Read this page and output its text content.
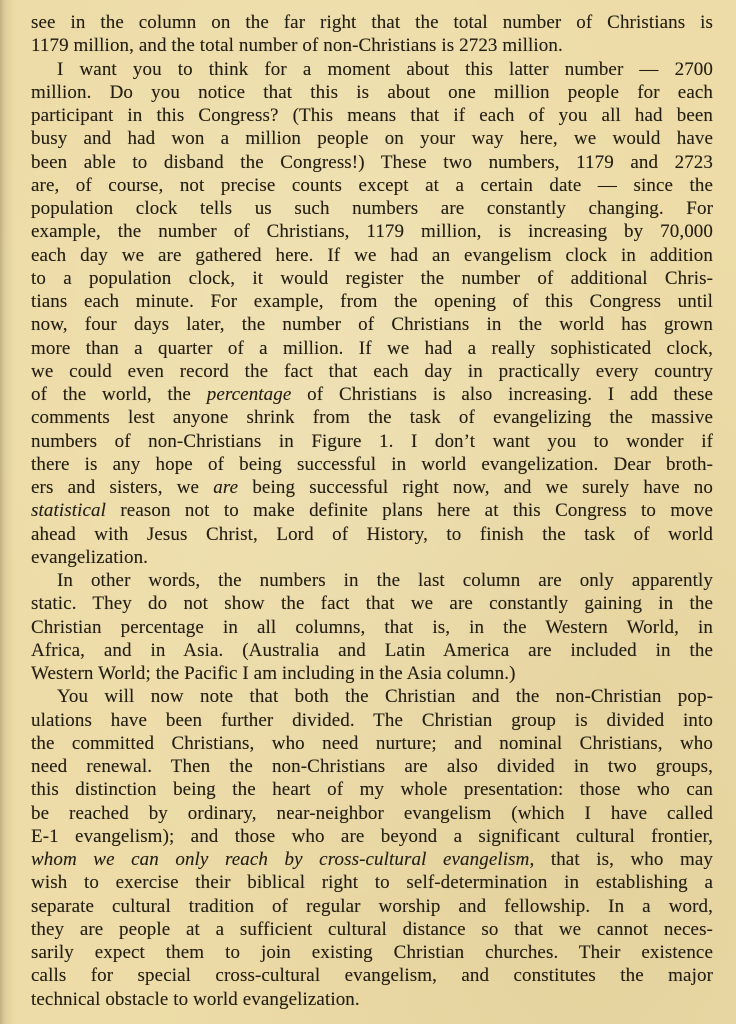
see in the column on the far right that the total number of Christians is
1179 million, and the total number of non-Christians is 2723 million.
I want you to think for a moment about this latter number — 2700
million. Do you notice that this is about one million people for each
participant in this Congress? (This means that if each of you all had been
busy and had won a million people on your way here, we would have
been able to disband the Congress!) These two numbers, 1179 and 2723
are, of course, not precise counts except at a certain date — since the
population clock tells us such numbers are constantly changing. For
example, the number of Christians, 1179 million, is increasing by 70,000
each day we are gathered here. If we had an evangelism clock in addition
to a population clock, it would register the number of additional Chris-
tians each minute. For example, from the opening of this Congress until
now, four days later, the number of Christians in the world has grown
more than a quarter of a million. If we had a really sophisticated clock,
we could even record the fact that each day in practically every country
of the world, the percentage of Christians is also increasing. I add these
comments lest anyone shrink from the task of evangelizing the massive
numbers of non-Christians in Figure 1. I don’t want you to wonder if
there is any hope of being successful in world evangelization. Dear broth-
ers and sisters, we are being successful right now, and we surely have no
statistical reason not to make definite plans here at this Congress to move
ahead with Jesus Christ, Lord of History, to finish the task of world
evangelization.
In other words, the numbers in the last column are only apparently
static. They do not show the fact that we are constantly gaining in the
Christian percentage in all columns, that is, in the Western World, in
Africa, and in Asia. (Australia and Latin America are included in the
Western World; the Pacific I am including in the Asia column.)
You will now note that both the Christian and the non-Christian pop-
ulations have been further divided. The Christian group is divided into
the committed Christians, who need nurture; and nominal Christians, who
need renewal. Then the non-Christians are also divided in two groups,
this distinction being the heart of my whole presentation: those who can
be reached by ordinary, near-neighbor evangelism (which I have called
E-1 evangelism); and those who are beyond a significant cultural frontier,
whom we can only reach by cross-cultural evangelism, that is, who may
wish to exercise their biblical right to self-determination in establishing a
separate cultural tradition of regular worship and fellowship. In a word,
they are people at a sufficient cultural distance so that we cannot neces-
sarily expect them to join existing Christian churches. Their existence
calls for special cross-cultural evangelism, and constitutes the major
technical obstacle to world evangelization.
